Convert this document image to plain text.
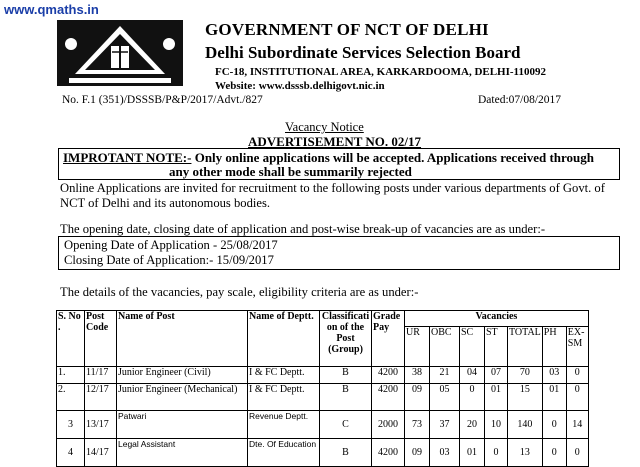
www.qmaths.in
GOVERNMENT OF NCT OF DELHI
Delhi Subordinate Services Selection Board
FC-18, INSTITUTIONAL AREA, KARKARDOOMA, DELHI-110092
Website: www.dsssb.delhigovt.nic.in
No. F.1 (351)/DSSSB/P&P/2017/Advt./827	Dated:07/08/2017
Vacancy Notice
ADVERTISEMENT NO. 02/17
IMPROTANT NOTE:- Only online applications will be accepted. Applications received through
any other mode shall be summarily rejected
Online Applications are invited for recruitment to the following posts under various departments of Govt. of NCT of Delhi and its autonomous bodies.
The opening date, closing date of application and post-wise break-up of vacancies are as under:-
Opening Date of Application - 25/08/2017
Closing Date of Application:- 15/09/2017
The details of the vacancies, pay scale, eligibility criteria are as under:-
S. No .	Post Code	Name of Post	Name of Deptt.	Classificati on of the Post (Group)	Grade Pay	Vacancies						
						UR	OBC	SC	ST	TOTAL	PH	EX-SM
1.	11/17	Junior Engineer (Civil)	I & FC Deptt.	B	4200	38	21	04	07	70	03	0
2.	12/17	Junior Engineer (Mechanical)	I & FC Deptt.	B	4200	09	05	0	01	15	01	0
3	13/17	Patwari	Revenue Deptt.	C	2000	73	37	20	10	140	0	14
4	14/17	Legal Assistant	Dte. Of Education	B	4200	09	03	01	0	13	0	0
